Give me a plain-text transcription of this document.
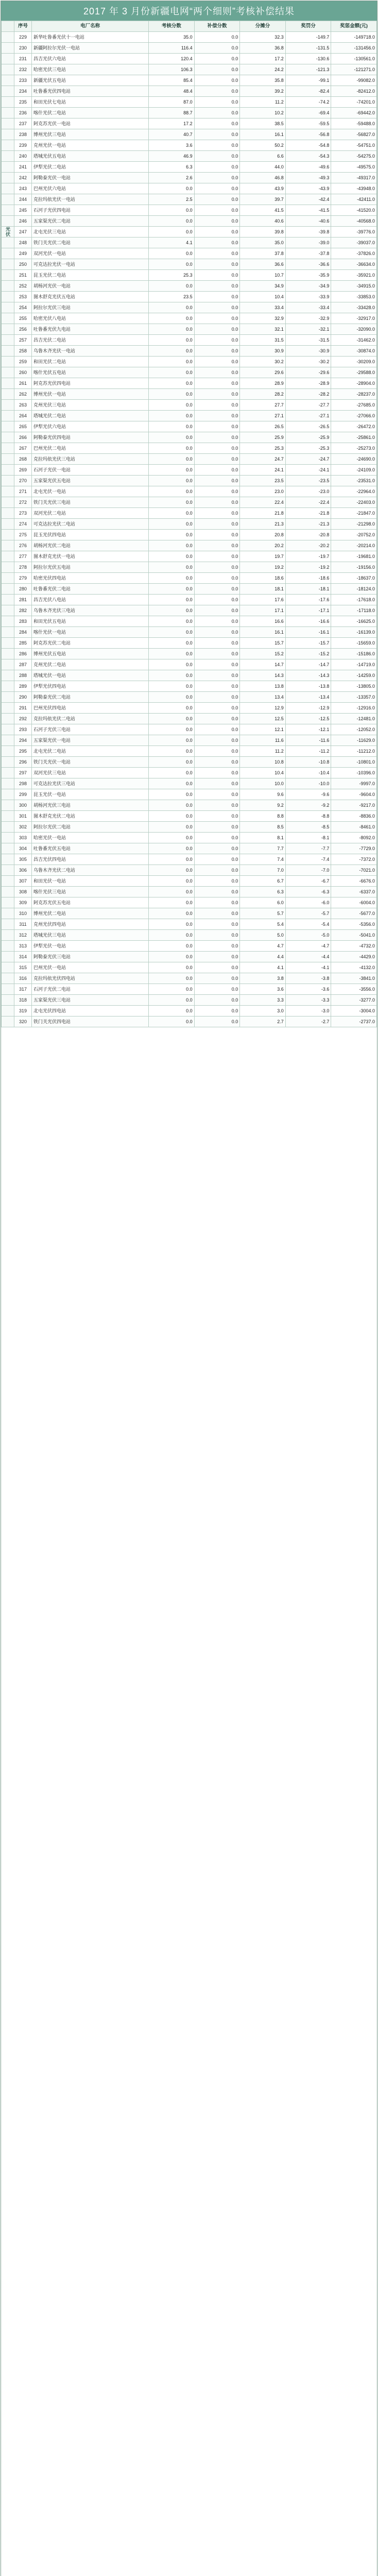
2017 年 3 月份新疆电网“两个细则”考核补偿结果
	序号	电厂名称	考核分数	补偿分数	分摊分	奖罚分	奖惩金额(元)
	229	新华吐鲁番光伏十一电站	35.0	0.0	32.3	-149.7	-149718.0
	230	新疆阿拉尔光伏一电站	116.4	0.0	36.8	-131.5	-131456.0
	231	昌吉光伏六电站	120.4	0.0	17.2	-130.6	-130561.0
	232	哈密光伏三电站	106.3	0.0	24.2	-121.3	-121271.0
	233	新疆光伏五电站	85.4	0.0	35.8	-99.1	-99082.0
	234	吐鲁番光伏四电站	48.4	0.0	39.2	-82.4	-82412.0
	235	和田光伏七电站	87.0	0.0	11.2	-74.2	-74201.0
	236	喀什光伏二电站	88.7	0.0	10.2	-69.4	-69442.0
	237	阿克苏光伏一电站	17.2	0.0	38.5	-59.5	-59488.0
	238	博州光伏三电站	40.7	0.0	16.1	-56.8	-56827.0
	239	克州光伏一电站	3.6	0.0	50.2	-54.8	-54751.0
	240	塔城光伏五电站	46.9	0.0	6.6	-54.3	-54275.0
	241	伊犁光伏二电站	6.3	0.0	44.0	-49.6	-49575.0
	242	阿勒泰光伏一电站	2.6	0.0	46.8	-49.3	-49317.0
	243	巴州光伏六电站	0.0	0.0	43.9	-43.9	-43948.0
	244	克拉玛依光伏一电站	2.5	0.0	39.7	-42.4	-42411.0
	245	石河子光伏四电站	0.0	0.0	41.5	-41.5	-41520.0
	246	五家渠光伏二电站	0.0	0.0	40.6	-40.6	-40568.0
光伏	247	北屯光伏三电站	0.0	0.0	39.8	-39.8	-39776.0
	248	铁门关光伏二电站	4.1	0.0	35.0	-39.0	-39037.0
	249	双河光伏一电站	0.0	0.0	37.8	-37.8	-37826.0
	250	可克达拉光伏一电站	0.0	0.0	36.6	-36.6	-36634.0
	251	昆玉光伏二电站	25.3	0.0	10.7	-35.9	-35921.0
	252	胡杨河光伏一电站	0.0	0.0	34.9	-34.9	-34915.0
	253	图木舒克光伏五电站	23.5	0.0	10.4	-33.9	-33853.0
	254	阿拉尔光伏三电站	0.0	0.0	33.4	-33.4	-33428.0
	255	哈密光伏八电站	0.0	0.0	32.9	-32.9	-32917.0
	256	吐鲁番光伏九电站	0.0	0.0	32.1	-32.1	-32090.0
	257	昌吉光伏二电站	0.0	0.0	31.5	-31.5	-31462.0
	258	乌鲁木齐光伏一电站	0.0	0.0	30.9	-30.9	-30874.0
	259	和田光伏二电站	0.0	0.0	30.2	-30.2	-30209.0
	260	喀什光伏五电站	0.0	0.0	29.6	-29.6	-29588.0
	261	阿克苏光伏四电站	0.0	0.0	28.9	-28.9	-28904.0
	262	博州光伏一电站	0.0	0.0	28.2	-28.2	-28237.0
	263	克州光伏三电站	0.0	0.0	27.7	-27.7	-27685.0
	264	塔城光伏二电站	0.0	0.0	27.1	-27.1	-27066.0
	265	伊犁光伏六电站	0.0	0.0	26.5	-26.5	-26472.0
	266	阿勒泰光伏四电站	0.0	0.0	25.9	-25.9	-25861.0
	267	巴州光伏二电站	0.0	0.0	25.3	-25.3	-25273.0
	268	克拉玛依光伏三电站	0.0	0.0	24.7	-24.7	-24690.0
	269	石河子光伏一电站	0.0	0.0	24.1	-24.1	-24109.0
	270	五家渠光伏五电站	0.0	0.0	23.5	-23.5	-23531.0
	271	北屯光伏一电站	0.0	0.0	23.0	-23.0	-22964.0
	272	铁门关光伏三电站	0.0	0.0	22.4	-22.4	-22403.0
	273	双河光伏二电站	0.0	0.0	21.8	-21.8	-21847.0
	274	可克达拉光伏二电站	0.0	0.0	21.3	-21.3	-21298.0
	275	昆玉光伏四电站	0.0	0.0	20.8	-20.8	-20752.0
	276	胡杨河光伏二电站	0.0	0.0	20.2	-20.2	-20214.0
	277	图木舒克光伏一电站	0.0	0.0	19.7	-19.7	-19681.0
	278	阿拉尔光伏五电站	0.0	0.0	19.2	-19.2	-19156.0
	279	哈密光伏四电站	0.0	0.0	18.6	-18.6	-18637.0
	280	吐鲁番光伏二电站	0.0	0.0	18.1	-18.1	-18124.0
	281	昌吉光伏八电站	0.0	0.0	17.6	-17.6	-17618.0
	282	乌鲁木齐光伏三电站	0.0	0.0	17.1	-17.1	-17118.0
	283	和田光伏五电站	0.0	0.0	16.6	-16.6	-16625.0
	284	喀什光伏一电站	0.0	0.0	16.1	-16.1	-16139.0
	285	阿克苏光伏二电站	0.0	0.0	15.7	-15.7	-15659.0
	286	博州光伏五电站	0.0	0.0	15.2	-15.2	-15186.0
	287	克州光伏二电站	0.0	0.0	14.7	-14.7	-14719.0
	288	塔城光伏一电站	0.0	0.0	14.3	-14.3	-14259.0
	289	伊犁光伏四电站	0.0	0.0	13.8	-13.8	-13805.0
	290	阿勒泰光伏二电站	0.0	0.0	13.4	-13.4	-13357.0
	291	巴州光伏四电站	0.0	0.0	12.9	-12.9	-12916.0
	292	克拉玛依光伏二电站	0.0	0.0	12.5	-12.5	-12481.0
	293	石河子光伏三电站	0.0	0.0	12.1	-12.1	-12052.0
	294	五家渠光伏一电站	0.0	0.0	11.6	-11.6	-11629.0
	295	北屯光伏二电站	0.0	0.0	11.2	-11.2	-11212.0
	296	铁门关光伏一电站	0.0	0.0	10.8	-10.8	-10801.0
	297	双河光伏三电站	0.0	0.0	10.4	-10.4	-10396.0
	298	可克达拉光伏三电站	0.0	0.0	10.0	-10.0	-9997.0
	299	昆玉光伏一电站	0.0	0.0	9.6	-9.6	-9604.0
	300	胡杨河光伏三电站	0.0	0.0	9.2	-9.2	-9217.0
	301	图木舒克光伏二电站	0.0	0.0	8.8	-8.8	-8836.0
	302	阿拉尔光伏二电站	0.0	0.0	8.5	-8.5	-8461.0
	303	哈密光伏一电站	0.0	0.0	8.1	-8.1	-8092.0
	304	吐鲁番光伏五电站	0.0	0.0	7.7	-7.7	-7729.0
	305	昌吉光伏四电站	0.0	0.0	7.4	-7.4	-7372.0
	306	乌鲁木齐光伏二电站	0.0	0.0	7.0	-7.0	-7021.0
	307	和田光伏一电站	0.0	0.0	6.7	-6.7	-6676.0
	308	喀什光伏三电站	0.0	0.0	6.3	-6.3	-6337.0
	309	阿克苏光伏五电站	0.0	0.0	6.0	-6.0	-6004.0
	310	博州光伏二电站	0.0	0.0	5.7	-5.7	-5677.0
	311	克州光伏四电站	0.0	0.0	5.4	-5.4	-5356.0
	312	塔城光伏三电站	0.0	0.0	5.0	-5.0	-5041.0
	313	伊犁光伏一电站	0.0	0.0	4.7	-4.7	-4732.0
	314	阿勒泰光伏三电站	0.0	0.0	4.4	-4.4	-4429.0
	315	巴州光伏一电站	0.0	0.0	4.1	-4.1	-4132.0
	316	克拉玛依光伏四电站	0.0	0.0	3.8	-3.8	-3841.0
	317	石河子光伏二电站	0.0	0.0	3.6	-3.6	-3556.0
	318	五家渠光伏三电站	0.0	0.0	3.3	-3.3	-3277.0
	319	北屯光伏四电站	0.0	0.0	3.0	-3.0	-3004.0
	320	铁门关光伏四电站	0.0	0.0	2.7	-2.7	-2737.0
